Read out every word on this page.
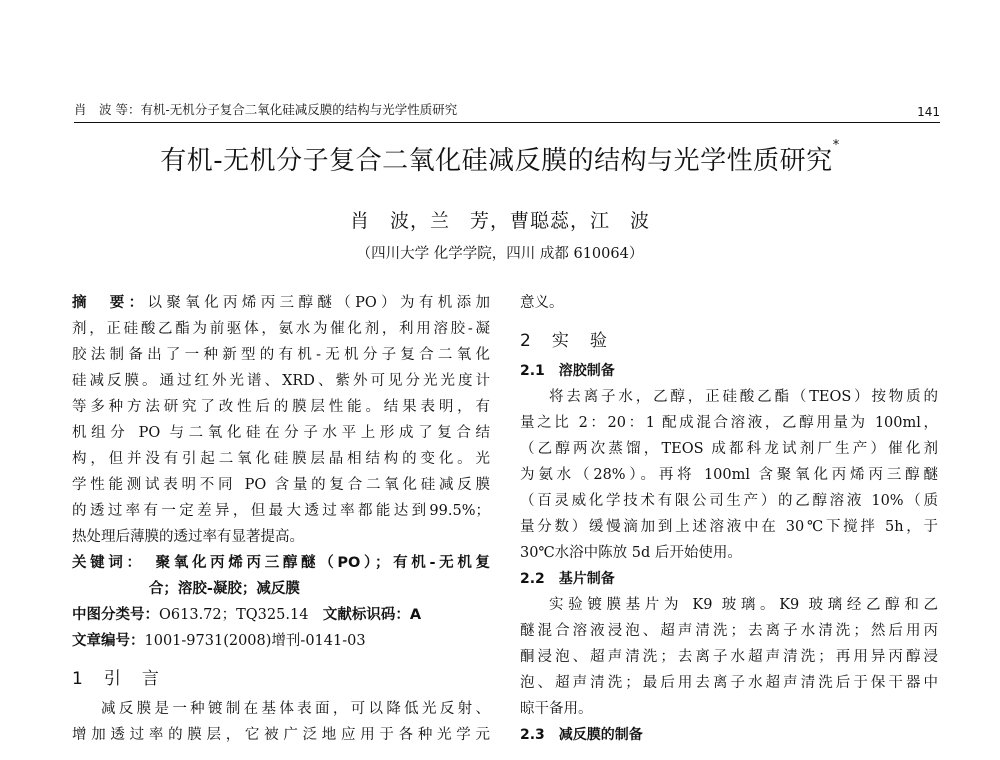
肖　波 等：有机-无机分子复合二氧化硅减反膜的结构与光学性质研究	141
有机-无机分子复合二氧化硅减反膜的结构与光学性质研究*
肖　波，兰　芳，曹聪蕊，江　波
（四川大学 化学学院，四川 成都 610064）
摘　要：以聚氧化丙烯丙三醇醚（PO）为有机添加
剂，正硅酸乙酯为前驱体，氨水为催化剂，利用溶胶-凝
胶法制备出了一种新型的有机-无机分子复合二氧化
硅减反膜。通过红外光谱、XRD、紫外可见分光光度计
等多种方法研究了改性后的膜层性能。结果表明，有
机组分 PO 与二氧化硅在分子水平上形成了复合结
构，但并没有引起二氧化硅膜层晶相结构的变化。光
学性能测试表明不同 PO 含量的复合二氧化硅减反膜
的透过率有一定差异，但最大透过率都能达到99.5%；
热处理后薄膜的透过率有显著提高。
关键词：　 聚氧化丙烯丙三醇醚（PO）；有机-无机复
合；溶胶-凝胶；减反膜
中图分类号：O613.72；TQ325.14　 文献标识码：A
文章编号：1001-9731(2008)增刊-0141-03
1　引　言
减反膜是一种镀制在基体表面，可以降低光反射、
增加透过率的膜层，它被广泛地应用于各种光学元
意义。
2　实　验
2.1　溶胶制备
将去离子水，乙醇，正硅酸乙酯（TEOS）按物质的
量之比 2：20：1 配成混合溶液，乙醇用量为 100ml，
（乙醇两次蒸馏，TEOS 成都科龙试剂厂生产）催化剂
为氨水（28%）。再将 100ml 含聚氧化丙烯丙三醇醚
（百灵威化学技术有限公司生产）的乙醇溶液 10%（质
量分数）缓慢滴加到上述溶液中在 30℃下搅拌 5h，于
30℃水浴中陈放 5d 后开始使用。
2.2　基片制备
实验镀膜基片为 K9 玻璃。K9 玻璃经乙醇和乙
醚混合溶液浸泡、超声清洗；去离子水清洗；然后用丙
酮浸泡、超声清洗；去离子水超声清洗；再用异丙醇浸
泡、超声清洗；最后用去离子水超声清洗后于保干器中
晾干备用。
2.3　减反膜的制备
